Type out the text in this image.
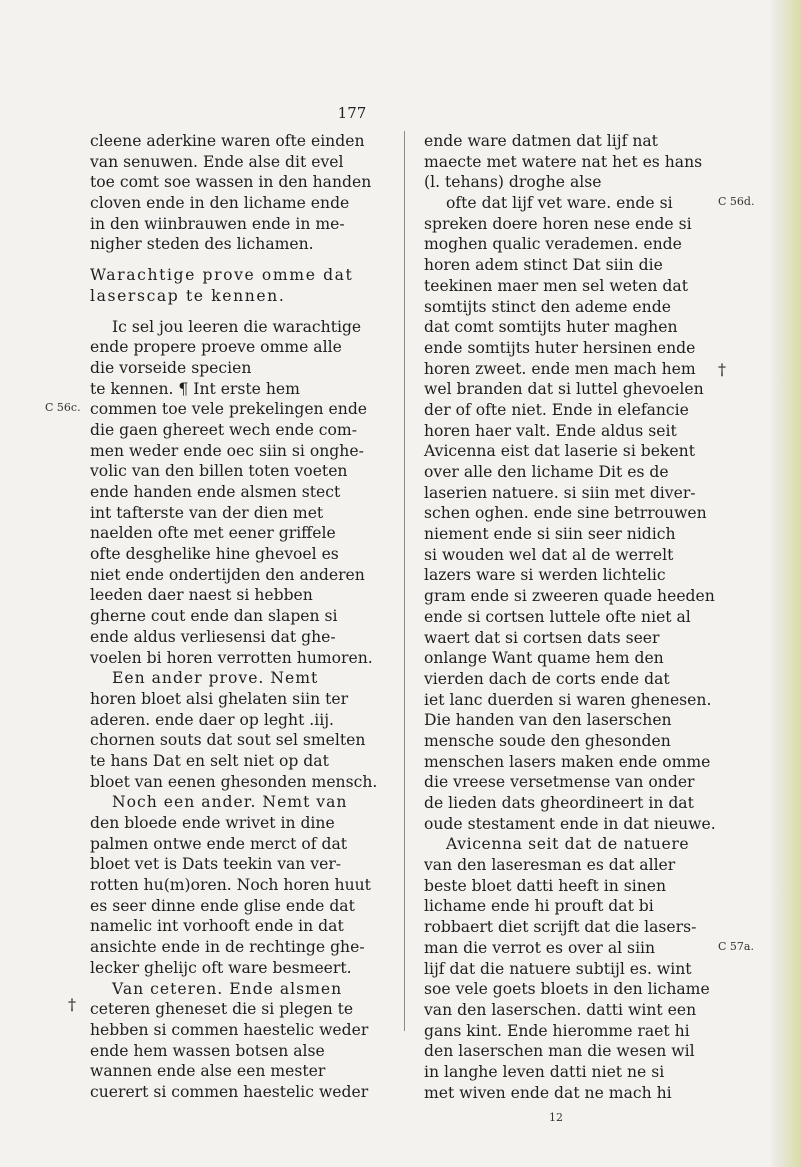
177
cleene aderkine waren ofte einden
van senuwen. Ende alse dit evel
toe comt soe wassen in den handen
cloven ende in den lichame ende
in den wiinbrauwen ende in me-
nigher steden des lichamen.
Warachtige prove omme dat
laserscap te kennen.
Ic sel jou leeren die warachtige
ende propere proeve omme alle
die vorseide specien
te kennen. ¶ Int erste hem
commen toe vele prekelingen ende
die gaen ghereet wech ende com-
men weder ende oec siin si onghe-
volic van den billen toten voeten
ende handen ende alsmen stect
int tafterste van der dien met
naelden ofte met eener griffele
ofte desghelike hine ghevoel es
niet ende ondertijden den anderen
leeden daer naest si hebben
gherne cout ende dan slapen si
ende aldus verliesensi dat ghe-
voelen bi horen verrotten humoren.
Een ander prove. Nemt
horen bloet alsi ghelaten siin ter
aderen. ende daer op leght .iij.
chornen souts dat sout sel smelten
te hans Dat en selt niet op dat
bloet van eenen ghesonden mensch.
Noch een ander. Nemt van
den bloede ende wrivet in dine
palmen ontwe ende merct of dat
bloet vet is Dats teekin van ver-
rotten hu(m)oren. Noch horen huut
es seer dinne ende glise ende dat
namelic int vorhooft ende in dat
ansichte ende in de rechtinge ghe-
lecker ghelijc oft ware besmeert.
Van ceteren. Ende alsmen
ceteren gheneset die si plegen te
hebben si commen haestelic weder
ende hem wassen botsen alse
wannen ende alse een mester
cuerert si commen haestelic weder
ende ware datmen dat lijf nat
maecte met watere nat het es hans
(l. tehans) droghe alse
ofte dat lijf vet ware. ende si
spreken doere horen nese ende si
moghen qualic verademen. ende
horen adem stinct Dat siin die
teekinen maer men sel weten dat
somtijts stinct den ademe ende
dat comt somtijts huter maghen
ende somtijts huter hersinen ende
horen zweet. ende men mach hem
wel branden dat si luttel ghevoelen
der of ofte niet. Ende in elefancie
horen haer valt. Ende aldus seit
Avicenna eist dat laserie si bekent
over alle den lichame Dit es de
laserien natuere. si siin met diver-
schen oghen. ende sine betrrouwen
niement ende si siin seer nidich
si wouden wel dat al de werrelt
lazers ware si werden lichtelic
gram ende si zweeren quade heeden
ende si cortsen luttele ofte niet al
waert dat si cortsen dats seer
onlange Want quame hem den
vierden dach de corts ende dat
iet lanc duerden si waren ghenesen.
Die handen van den laserschen
mensche soude den ghesonden
menschen lasers maken ende omme
die vreese versetmense van onder
de lieden dats gheordineert in dat
oude stestament ende in dat nieuwe.
Avicenna seit dat de natuere
van den laseresman es dat aller
beste bloet datti heeft in sinen
lichame ende hi prouft dat bi
robbaert diet scrijft dat die lasers-
man die verrot es over al siin
lijf dat die natuere subtijl es. wint
soe vele goets bloets in den lichame
van den laserschen. datti wint een
gans kint. Ende hieromme raet hi
den laserschen man die wesen wil
in langhe leven datti niet ne si
met wiven ende dat ne mach hi
C 56c.
C 56d.
C 57a.
†
†
12
